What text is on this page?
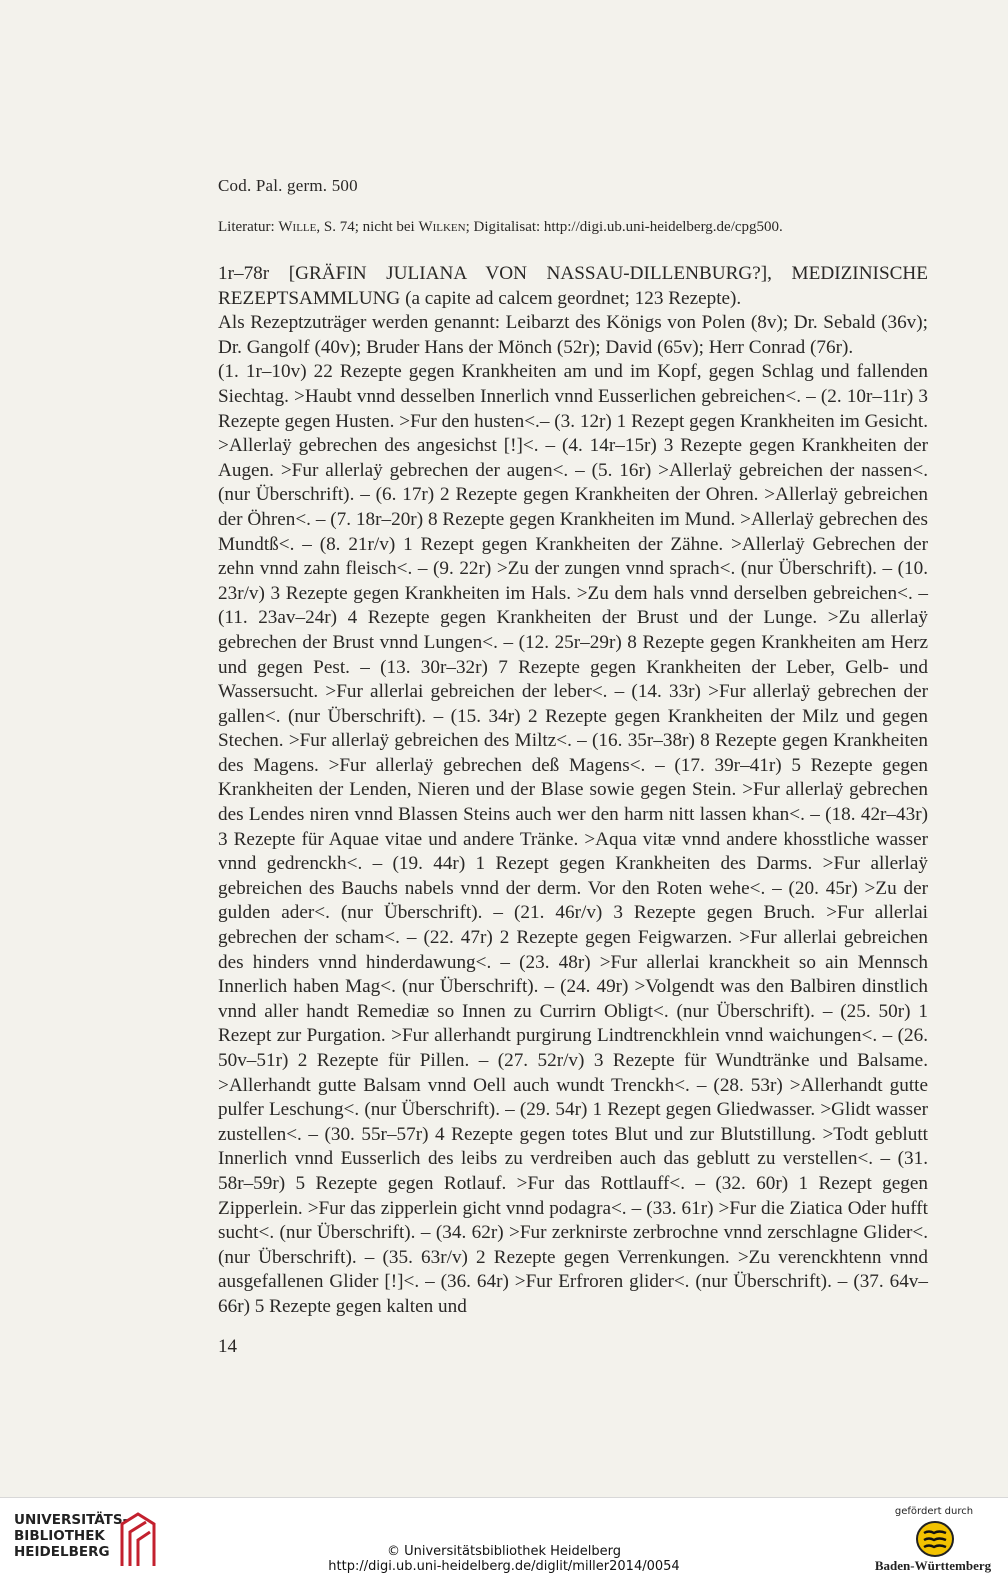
Cod. Pal. germ. 500
Literatur: Wille, S. 74; nicht bei Wilken; Digitalisat: http://digi.ub.uni-heidelberg.de/cpg500.

1r–78r [GRÄFIN JULIANA VON NASSAU-DILLENBURG?], MEDIZINISCHE REZEPTSAMMLUNG (a capite ad calcem geordnet; 123 Rezepte).

Als Rezeptzuträger werden genannt: Leibarzt des Königs von Polen (8v); Dr. Sebald (36v); Dr. Gangolf (40v); Bruder Hans der Mönch (52r); David (65v); Herr Conrad (76r).

(1. 1r–10v) 22 Rezepte gegen Krankheiten am und im Kopf, gegen Schlag und fallenden Siechtag. >Haubt vnnd desselben Innerlich vnnd Eusserlichen gebreichen<. – (2. 10r–11r) 3 Rezepte gegen Husten. >Fur den husten<.– (3. 12r) 1 Rezept gegen Krankheiten im Gesicht. >Allerlaÿ gebrechen des angesichst [!]<. – (4. 14r–15r) 3 Rezepte gegen Krankheiten der Augen. >Fur allerlaÿ gebrechen der augen<. – (5. 16r) >Allerlaÿ gebreichen der nassen<. (nur Überschrift). – (6. 17r) 2 Rezepte gegen Krankheiten der Ohren. >Allerlaÿ gebreichen der Öhren<. – (7. 18r–20r) 8 Rezepte gegen Krankheiten im Mund. >Allerlaÿ gebrechen des Mundtß<. – (8. 21r/v) 1 Rezept gegen Krankheiten der Zähne. >Allerlaÿ Gebrechen der zehn vnnd zahn fleisch<. – (9. 22r) >Zu der zungen vnnd sprach<. (nur Überschrift). – (10. 23r/v) 3 Rezepte gegen Krankheiten im Hals. >Zu dem hals vnnd derselben gebreichen<. – (11. 23av–24r) 4 Rezepte gegen Krankheiten der Brust und der Lunge. >Zu allerlaÿ gebrechen der Brust vnnd Lungen<. – (12. 25r–29r) 8 Rezepte gegen Krankheiten am Herz und gegen Pest. – (13. 30r–32r) 7 Rezepte gegen Krankheiten der Leber, Gelb- und Wassersucht. >Fur allerlai gebreichen der leber<. – (14. 33r) >Fur allerlaÿ gebrechen der gallen<. (nur Überschrift). – (15. 34r) 2 Rezepte gegen Krankheiten der Milz und gegen Stechen. >Fur allerlaÿ gebreichen des Miltz<. – (16. 35r–38r) 8 Rezepte gegen Krankheiten des Magens. >Fur allerlaÿ gebrechen deß Magens<. – (17. 39r–41r) 5 Rezepte gegen Krankheiten der Lenden, Nieren und der Blase sowie gegen Stein. >Fur allerlaÿ gebrechen des Lendes niren vnnd Blassen Steins auch wer den harm nitt lassen khan<. – (18. 42r–43r) 3 Rezepte für Aquae vitae und andere Tränke. >Aqua vitæ vnnd andere khosstliche wasser vnnd gedrenckh<. – (19. 44r) 1 Rezept gegen Krankheiten des Darms. >Fur allerlaÿ gebreichen des Bauchs nabels vnnd der derm. Vor den Roten wehe<. – (20. 45r) >Zu der gulden ader<. (nur Überschrift). – (21. 46r/v) 3 Rezepte gegen Bruch. >Fur allerlai gebrechen der scham<. – (22. 47r) 2 Rezepte gegen Feigwarzen. >Fur allerlai gebreichen des hinders vnnd hinderdawung<. – (23. 48r) >Fur allerlai kranckheit so ain Mennsch Innerlich haben Mag<. (nur Überschrift). – (24. 49r) >Volgendt was den Balbiren dinstlich vnnd aller handt Remediæ so Innen zu Currirn Obligt<. (nur Überschrift). – (25. 50r) 1 Rezept zur Purgation. >Fur allerhandt purgirung Lindtrenckhlein vnnd waichungen<. – (26. 50v–51r) 2 Rezepte für Pillen. – (27. 52r/v) 3 Rezepte für Wundtränke und Balsame. >Allerhandt gutte Balsam vnnd Oell auch wundt Trenckh<. – (28. 53r) >Allerhandt gutte pulfer Leschung<. (nur Überschrift). – (29. 54r) 1 Rezept gegen Gliedwasser. >Glidt wasser zustellen<. – (30. 55r–57r) 4 Rezepte gegen totes Blut und zur Blutstillung. >Todt geblutt Innerlich vnnd Eusserlich des leibs zu verdreiben auch das geblutt zu verstellen<. – (31. 58r–59r) 5 Rezepte gegen Rotlauf. >Fur das Rottlauff<. – (32. 60r) 1 Rezept gegen Zipperlein. >Fur das zipperlein gicht vnnd podagra<. – (33. 61r) >Fur die Ziatica Oder hufft sucht<. (nur Überschrift). – (34. 62r) >Fur zerknirste zerbrochne vnnd zerschlagne Glider<. (nur Überschrift). – (35. 63r/v) 2 Rezepte gegen Verrenkungen. >Zu verenckhtenn vnnd ausgefallenen Glider [!]<. – (36. 64r) >Fur Erfroren glider<. (nur Überschrift). – (37. 64v–66r) 5 Rezepte gegen kalten und

14
UNIVERSITÄTS-
BIBLIOTHEK
HEIDELBERG	© Universitätsbibliothek Heidelberg
http://digi.ub.uni-heidelberg.de/diglit/miller2014/0054
gefördert durch
Baden-Württemberg
